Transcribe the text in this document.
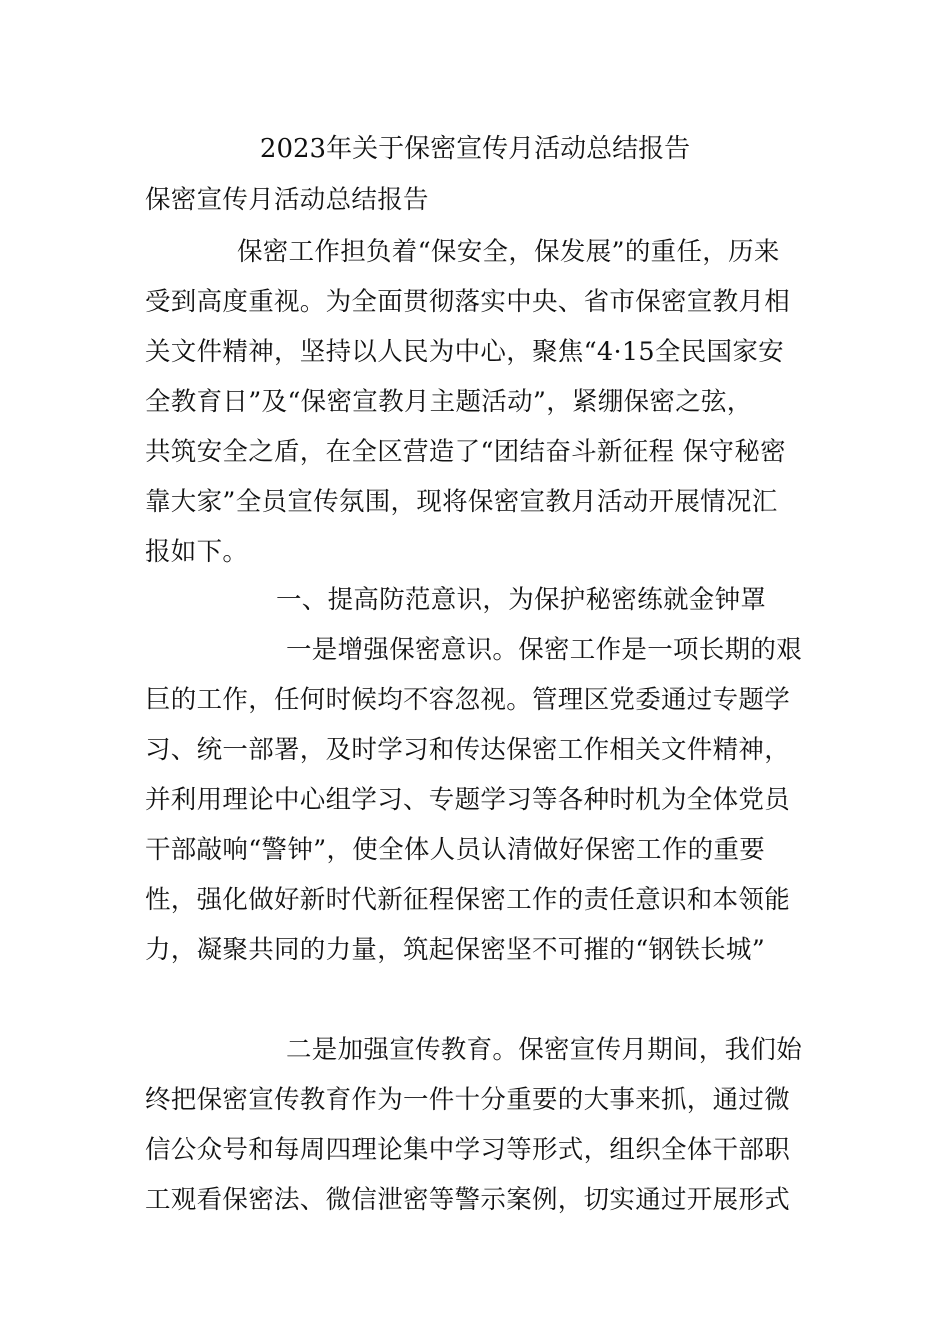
2023年关于保密宣传月活动总结报告
保密宣传月活动总结报告
保密工作担负着“保安全，保发展”的重任，历来
受到高度重视。为全面贯彻落实中央、省市保密宣教月相
关文件精神，坚持以人民为中心，聚焦“4·15全民国家安
全教育日”及“保密宣教月主题活动”，紧绷保密之弦，
共筑安全之盾，在全区营造了“团结奋斗新征程 保守秘密
靠大家”全员宣传氛围，现将保密宣教月活动开展情况汇
报如下。
一、提高防范意识，为保护秘密练就金钟罩
一是增强保密意识。保密工作是一项长期的艰
巨的工作，任何时候均不容忽视。管理区党委通过专题学
习、统一部署，及时学习和传达保密工作相关文件精神，
并利用理论中心组学习、专题学习等各种时机为全体党员
干部敲响“警钟”，使全体人员认清做好保密工作的重要
性，强化做好新时代新征程保密工作的责任意识和本领能
力，凝聚共同的力量，筑起保密坚不可摧的“钢铁长城”
二是加强宣传教育。保密宣传月期间，我们始
终把保密宣传教育作为一件十分重要的大事来抓，通过微
信公众号和每周四理论集中学习等形式，组织全体干部职
工观看保密法、微信泄密等警示案例，切实通过开展形式
